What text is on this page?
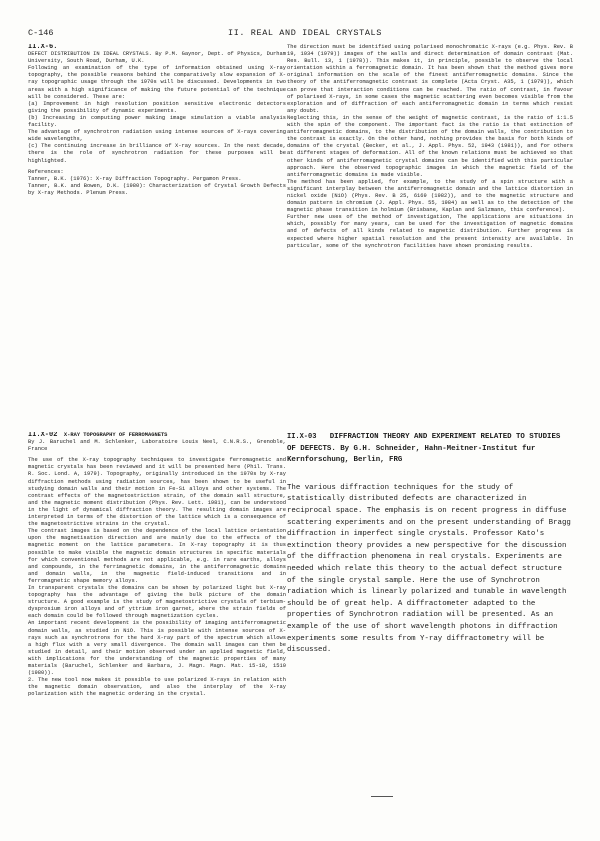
C-146	II. REAL AND IDEAL CRYSTALS

II.X-6.

DEFECT DISTRIBUTION IN IDEAL CRYSTALS. By P.M. Gaynor, Dept. of Physics, Durham University, South Road, Durham, U.K.

Following an examination of the type of information obtained using X-ray topography, the possible reasons behind the comparatively slow expansion of X-ray topographic usage through the 1970s will be discussed. Developments in two areas with a high significance of making the future potential of the technique will be considered. These are:

(a) Improvement in high resolution position sensitive electronic detectors giving the possibility of dynamic experiments.

(b) Increasing in computing power making image simulation a viable analysis facility.

The advantage of synchrotron radiation using intense sources of X-rays covering wide wavelengths,

(c) The continuing increase in brilliance of X-ray sources. In the next decade, there is the role of synchrotron radiation for these purposes will be highlighted.

References:

Tanner, B.K. (1976): X-ray Diffraction Topography. Pergamon Press.

Tanner, B.K. and Bowen, D.K. (1980): Characterization of Crystal Growth Defects by X-ray Methods. Plenum Press.

The direction must be identified using polarised monochromatic X-rays (e.g. Phys. Rev. B 19, 1034 (1979)) images of the walls and direct determination of domain contrast (Mat. Res. Bull. 13, 1 (1978)). This makes it, in principle, possible to observe the local orientation within a ferromagnetic domain. It has been shown that the method gives more original information on the scale of the finest antiferromagnetic domains. Since the theory of the antiferromagnetic contrast is complete (Acta Cryst. A35, 1 (1979)), which can prove that interaction conditions can be reached. The ratio of contrast, in favour of polarised X-rays, in some cases the magnetic scattering even becomes visible from the exploration and of diffraction of each antiferromagnetic domain in terms which resist any doubt.

Neglecting this, in the sense of the weight of magnetic contrast, is the ratio of 1:1.5 with the spin of the component. The important fact is the ratio is that extinction of antiferromagnetic domains, to the distribution of the domain walls, the contribution to the contrast is exactly. On the other hand, nothing provides the basis for both kinds of domains of the crystal (Becker, et al., J. Appl. Phys. 52, 1943 (1981)), and for others at different stages of deformation. All of the known relations must be achieved so that other kinds of antiferromagnetic crystal domains can be identified with this particular approach. Here the observed topographic images in which the magnetic field of the antiferromagnetic domains is made visible.

The method has been applied, for example, to the study of a spin structure with a significant interplay between the antiferromagnetic domain and the lattice distortion in nickel oxide (NiO) (Phys. Rev. B 25, 6169 (1982)), and to the magnetic structure and domain pattern in chromium (J. Appl. Phys. 55, 1984) as well as to the detection of the magnetic phase transition in holmium (Brisbane, Kaplan and Salzmann, this conference).

Further new uses of the method of investigation, The applications are situations in which, possibly for many years, can be used for the investigation of magnetic domains and of defects of all kinds related to magnetic distribution. Further progress is expected where higher spatial resolution and the present intensity are available. In particular, some of the synchrotron facilities have shown promising results.

II.X-02 X-RAY TOPOGRAPHY OF FERROMAGNETS

By J. Baruchel and M. Schlenker, Laboratoire Louis Neel, C.N.R.S., Grenoble, France

The use of the X-ray topography techniques to investigate ferromagnetic and magnetic crystals has been reviewed and it will be presented here (Phil. Trans. R. Soc. Lond. A, 1979). Topography, originally introduced in the 1970s by X-ray diffraction methods using radiation sources, has been shown to be useful in studying domain walls and their motion in Fe-Si alloys and other systems. The contrast effects of the magnetostriction strain, of the domain wall structure, and the magnetic moment distribution (Phys. Rev. Lett. 1981), can be understood in the light of dynamical diffraction theory. The resulting domain images are interpreted in terms of the distortion of the lattice which is a consequence of the magnetostrictive strains in the crystal.

The contrast images is based on the dependence of the local lattice orientation upon the magnetisation direction and are mainly due to the effects of the magnetic moment on the lattice parameters. In X-ray topography it is thus possible to make visible the magnetic domain structures in specific materials for which conventional methods are not applicable, e.g. in rare earths, alloys and compounds, in the ferrimagnetic domains, in the antiferromagnetic domains and domain walls, in the magnetic field-induced transitions and in ferromagnetic shape memory alloys.

In transparent crystals the domains can be shown by polarized light but X-ray topography has the advantage of giving the bulk picture of the domain structure. A good example is the study of magnetostrictive crystals of terbium-dysprosium iron alloys and of yttrium iron garnet, where the strain fields of each domain could be followed through magnetization cycles.

An important recent development is the possibility of imaging antiferromagnetic domain walls, as studied in NiO. This is possible with intense sources of X-rays such as synchrotrons for the hard X-ray part of the spectrum which allows a high flux with a very small divergence. The domain wall images can then be studied in detail, and their motion observed under an applied magnetic field, with implications for the understanding of the magnetic properties of many materials (Baruchel, Schlenker and Barbara, J. Magn. Magn. Mat. 15-18, 1510 (1980)).

2. The new tool now makes it possible to use polarized X-rays in relation with the magnetic domain observation, and also the interplay of the X-ray polarization with the magnetic ordering in the crystal.

II.X-03 DIFFRACTION THEORY AND EXPERIMENT RELATED TO STUDIES OF DEFECTS. By G.H. Schneider, Hahn-Meitner-Institut fur Kernforschung, Berlin, FRG

The various diffraction techniques for the study of statistically distributed defects are characterized in reciprocal space. The emphasis is on recent progress in diffuse scattering experiments and on the present understanding of Bragg diffraction in imperfect single crystals. Professor Kato's extinction theory provides a new perspective for the discussion of the diffraction phenomena in real crystals. Experiments are needed which relate this theory to the actual defect structure of the single crystal sample. Here the use of Synchrotron radiation which is linearly polarized and tunable in wavelength should be of great help. A diffractometer adapted to the properties of Synchrotron radiation will be presented. As an example of the use of short wavelength photons in diffraction experiments some results from Y-ray diffractometry will be discussed.
